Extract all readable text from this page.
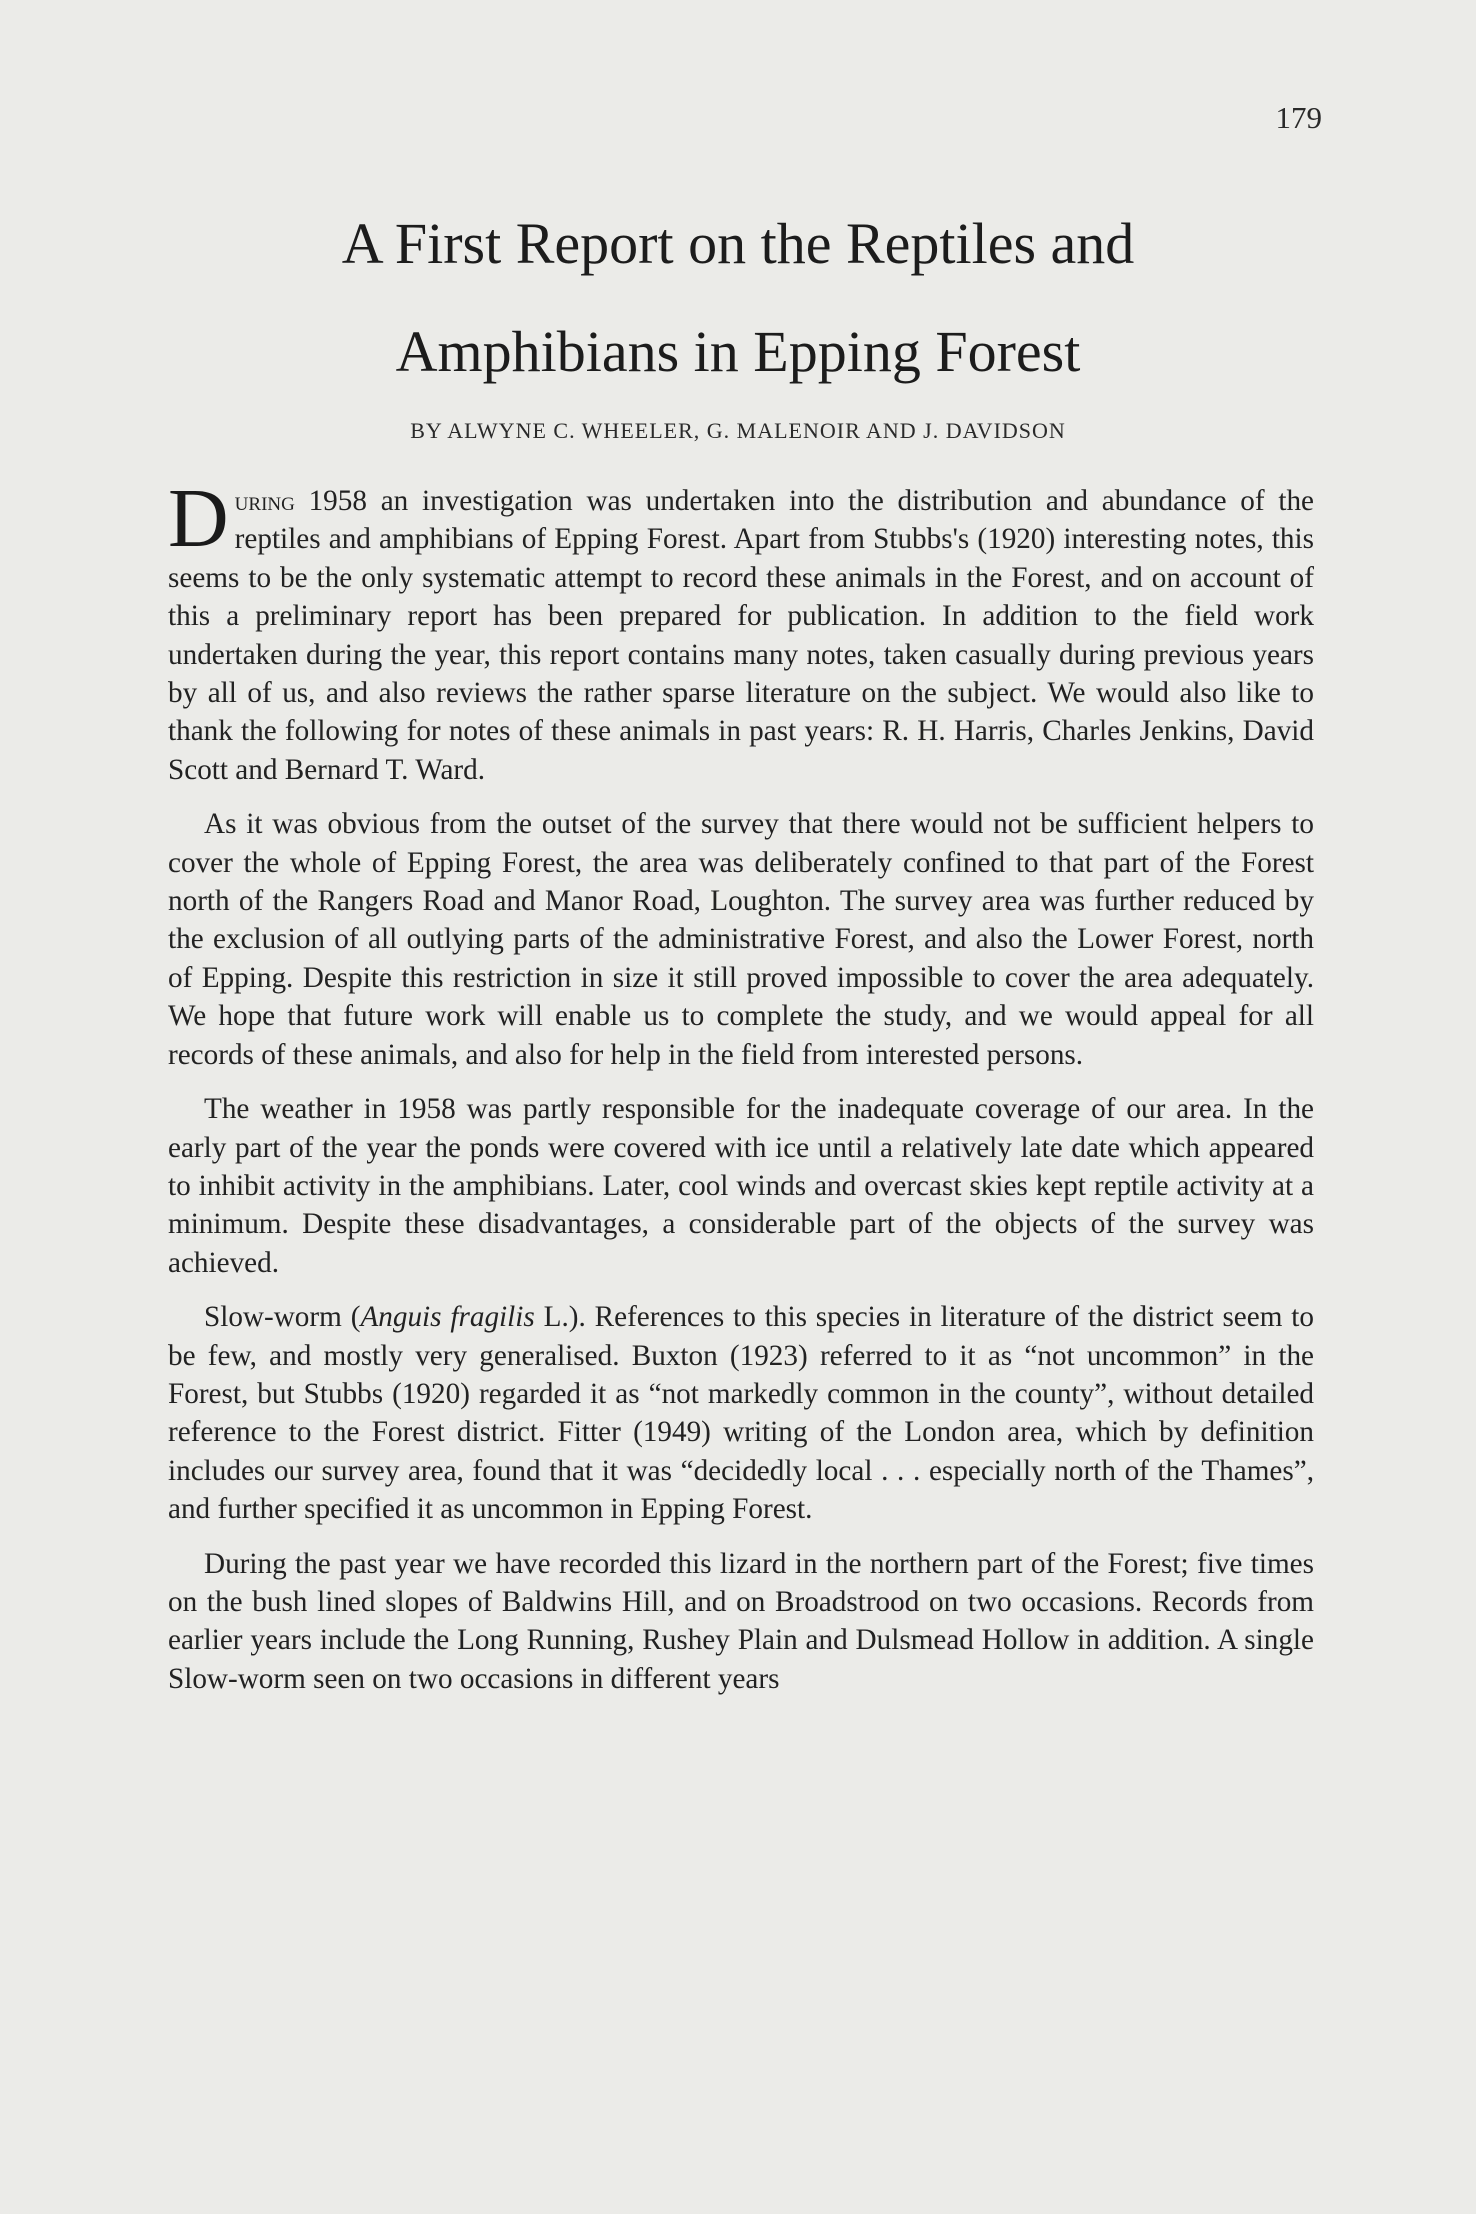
179
A First Report on the Reptiles and
Amphibians in Epping Forest
BY ALWYNE C. WHEELER, G. MALENOIR AND J. DAVIDSON

During 1958 an investigation was undertaken into the distribution and abundance of the reptiles and amphibians of Epping Forest. Apart from Stubbs's (1920) interesting notes, this seems to be the only systematic attempt to record these animals in the Forest, and on account of this a preliminary report has been prepared for publication. In addition to the field work undertaken during the year, this report contains many notes, taken casually during previous years by all of us, and also reviews the rather sparse literature on the subject. We would also like to thank the following for notes of these animals in past years: R. H. Harris, Charles Jenkins, David Scott and Bernard T. Ward.

As it was obvious from the outset of the survey that there would not be sufficient helpers to cover the whole of Epping Forest, the area was deliberately confined to that part of the Forest north of the Rangers Road and Manor Road, Loughton. The survey area was further reduced by the exclusion of all outlying parts of the administrative Forest, and also the Lower Forest, north of Epping. Despite this restriction in size it still proved impossible to cover the area adequately. We hope that future work will enable us to complete the study, and we would appeal for all records of these animals, and also for help in the field from interested persons.

The weather in 1958 was partly responsible for the inadequate coverage of our area. In the early part of the year the ponds were covered with ice until a relatively late date which appeared to inhibit activity in the amphibians. Later, cool winds and overcast skies kept reptile activity at a minimum. Despite these disadvantages, a considerable part of the objects of the survey was achieved.

Slow-worm (Anguis fragilis L.). References to this species in literature of the district seem to be few, and mostly very generalised. Buxton (1923) referred to it as “not uncommon” in the Forest, but Stubbs (1920) regarded it as “not markedly common in the county”, without detailed reference to the Forest district. Fitter (1949) writing of the London area, which by definition includes our survey area, found that it was “decidedly local . . . especially north of the Thames”, and further specified it as uncommon in Epping Forest.

During the past year we have recorded this lizard in the northern part of the Forest; five times on the bush lined slopes of Baldwins Hill, and on Broadstrood on two occasions. Records from earlier years include the Long Running, Rushey Plain and Dulsmead Hollow in addition. A single Slow-worm seen on two occasions in different years
